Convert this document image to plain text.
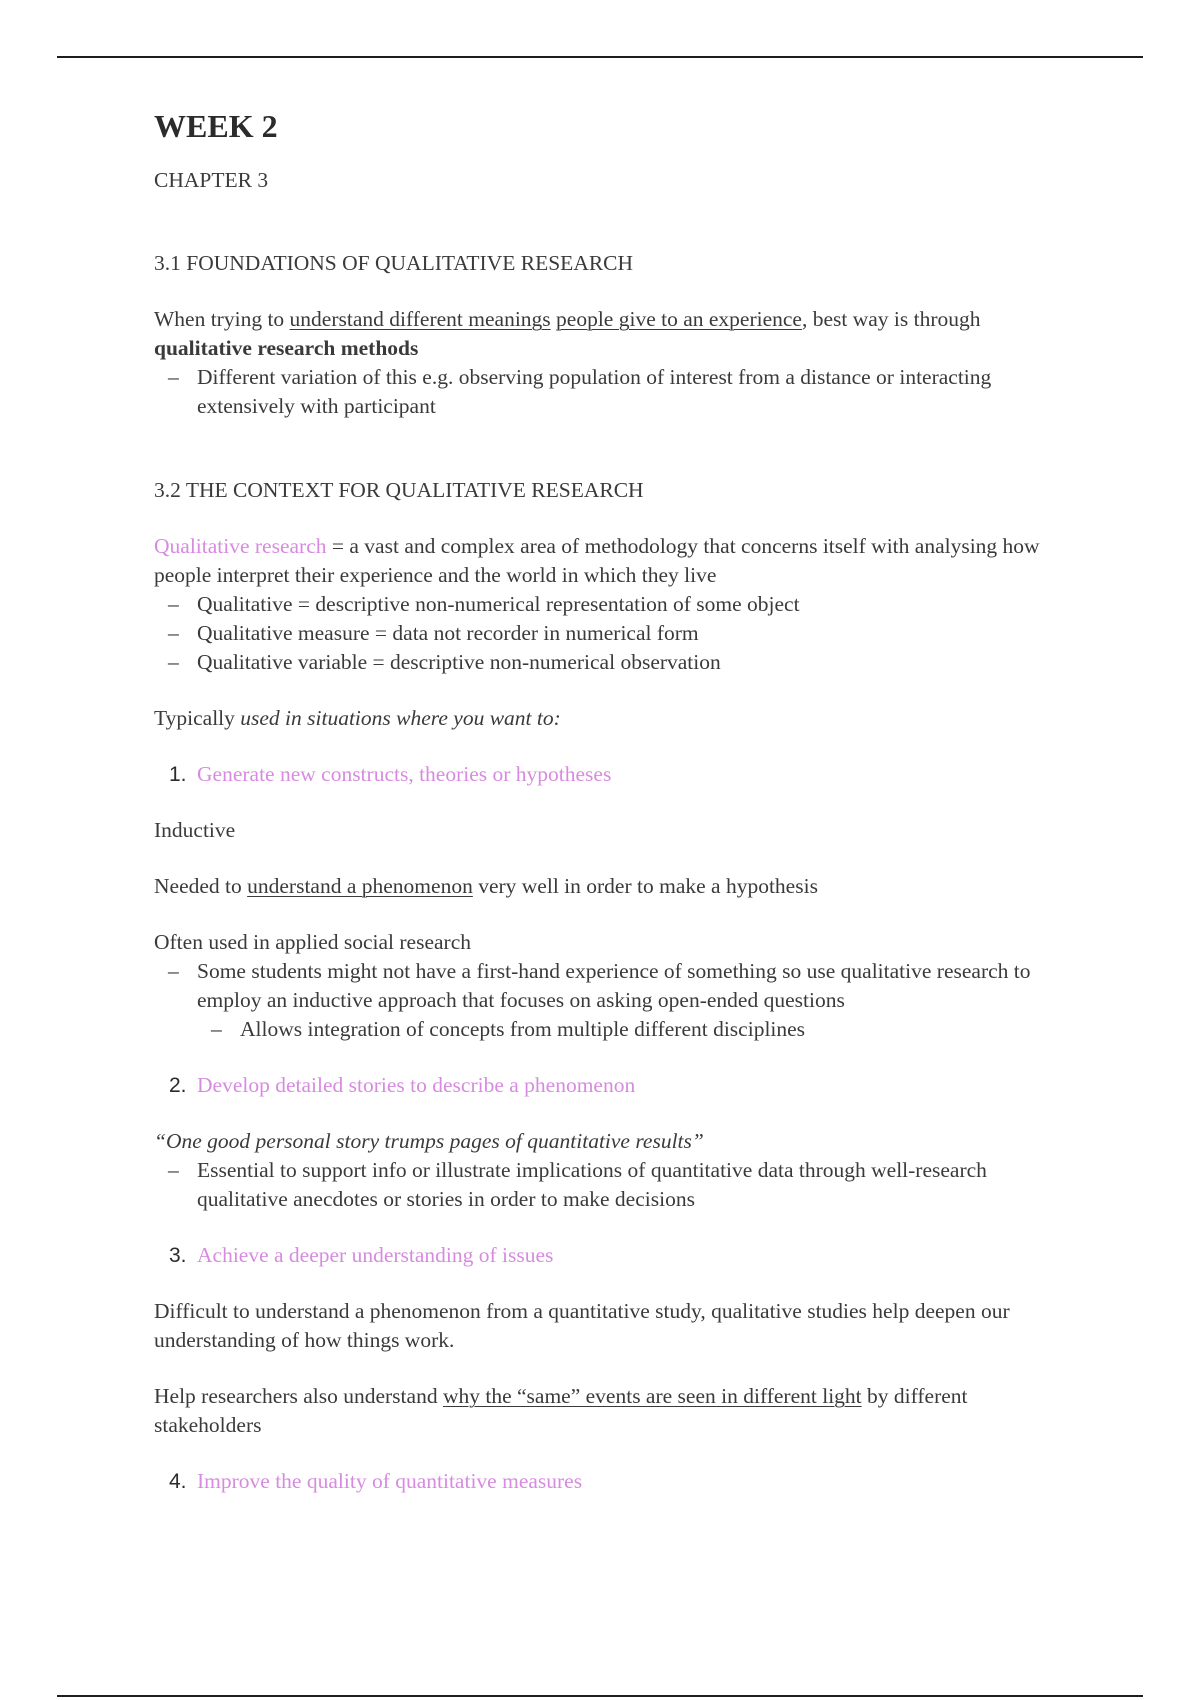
WEEK 2

CHAPTER 3

3.1 FOUNDATIONS OF QUALITATIVE RESEARCH

When trying to understand different meanings people give to an experience, best way is through qualitative research methods

– Different variation of this e.g. observing population of interest from a distance or interacting extensively with participant

3.2 THE CONTEXT FOR QUALITATIVE RESEARCH

Qualitative research = a vast and complex area of methodology that concerns itself with analysing how people interpret their experience and the world in which they live

– Qualitative = descriptive non-numerical representation of some object
– Qualitative measure = data not recorder in numerical form
– Qualitative variable = descriptive non-numerical observation

Typically used in situations where you want to:

1. Generate new constructs, theories or hypotheses

Inductive

Needed to understand a phenomenon very well in order to make a hypothesis

Often used in applied social research

– Some students might not have a first-hand experience of something so use qualitative research to employ an inductive approach that focuses on asking open-ended questions
– Allows integration of concepts from multiple different disciplines

2. Develop detailed stories to describe a phenomenon

“One good personal story trumps pages of quantitative results”

– Essential to support info or illustrate implications of quantitative data through well-research qualitative anecdotes or stories in order to make decisions

3. Achieve a deeper understanding of issues

Difficult to understand a phenomenon from a quantitative study, qualitative studies help deepen our understanding of how things work.

Help researchers also understand why the “same” events are seen in different light by different stakeholders

4. Improve the quality of quantitative measures
